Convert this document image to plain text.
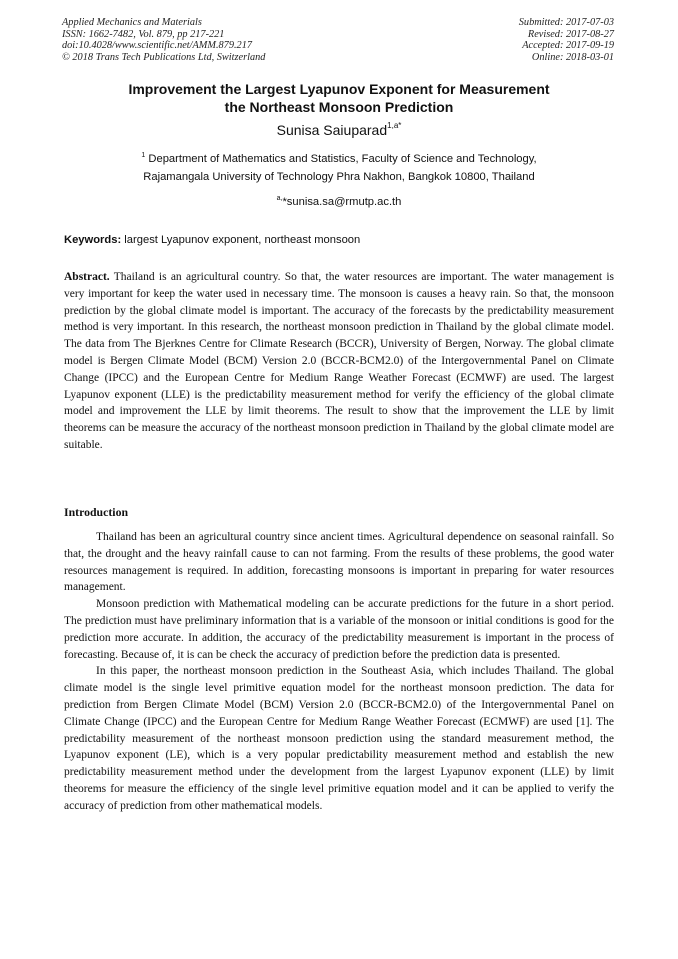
Applied Mechanics and Materials
ISSN: 1662-7482, Vol. 879, pp 217-221
doi:10.4028/www.scientific.net/AMM.879.217
© 2018 Trans Tech Publications Ltd, Switzerland
Submitted: 2017-07-03
Revised: 2017-08-27
Accepted: 2017-09-19
Online: 2018-03-01
Improvement the Largest Lyapunov Exponent for Measurement
the Northeast Monsoon Prediction
Sunisa Saiuparad$^{1,a*}$
$^1$ Department of Mathematics and Statistics, Faculty of Science and Technology,
Rajamangala University of Technology Phra Nakhon, Bangkok 10800, Thailand
$^{a,}$*sunisa.sa@rmutp.ac.th
Keywords: largest Lyapunov exponent, northeast monsoon
Abstract. Thailand is an agricultural country. So that, the water resources are important. The water management is very important for keep the water used in necessary time. The monsoon is causes a heavy rain. So that, the monsoon prediction by the global climate model is important. The accuracy of the forecasts by the predictability measurement method is very important. In this research, the northeast monsoon prediction in Thailand by the global climate model. The data from The Bjerknes Centre for Climate Research (BCCR), University of Bergen, Norway. The global climate model is Bergen Climate Model (BCM) Version 2.0 (BCCR-BCM2.0) of the Intergovernmental Panel on Climate Change (IPCC) and the European Centre for Medium Range Weather Forecast (ECMWF) are used. The largest Lyapunov exponent (LLE) is the predictability measurement method for verify the efficiency of the global climate model and improvement the LLE by limit theorems. The result to show that the improvement the LLE by limit theorems can be measure the accuracy of the northeast monsoon prediction in Thailand by the global climate model are suitable.
Introduction

Thailand has been an agricultural country since ancient times. Agricultural dependence on seasonal rainfall. So that, the drought and the heavy rainfall cause to can not farming. From the results of these problems, the good water resources management is required. In addition, forecasting monsoons is important in preparing for water resources management.

Monsoon prediction with Mathematical modeling can be accurate predictions for the future in a short period. The prediction must have preliminary information that is a variable of the monsoon or initial conditions is good for the prediction more accurate. In addition, the accuracy of the predictability measurement is important in the process of forecasting. Because of, it is can be check the accuracy of prediction before the prediction data is presented.

In this paper, the northeast monsoon prediction in the Southeast Asia, which includes Thailand. The global climate model is the single level primitive equation model for the northeast monsoon prediction. The data for prediction from Bergen Climate Model (BCM) Version 2.0 (BCCR-BCM2.0) of the Intergovernmental Panel on Climate Change (IPCC) and the European Centre for Medium Range Weather Forecast (ECMWF) are used [1]. The predictability measurement of the northeast monsoon prediction using the standard measurement method, the Lyapunov exponent (LE), which is a very popular predictability measurement method and establish the new predictability measurement method under the development from the largest Lyapunov exponent (LLE) by limit theorems for measure the efficiency of the single level primitive equation model and it can be applied to verify the accuracy of prediction from other mathematical models.
